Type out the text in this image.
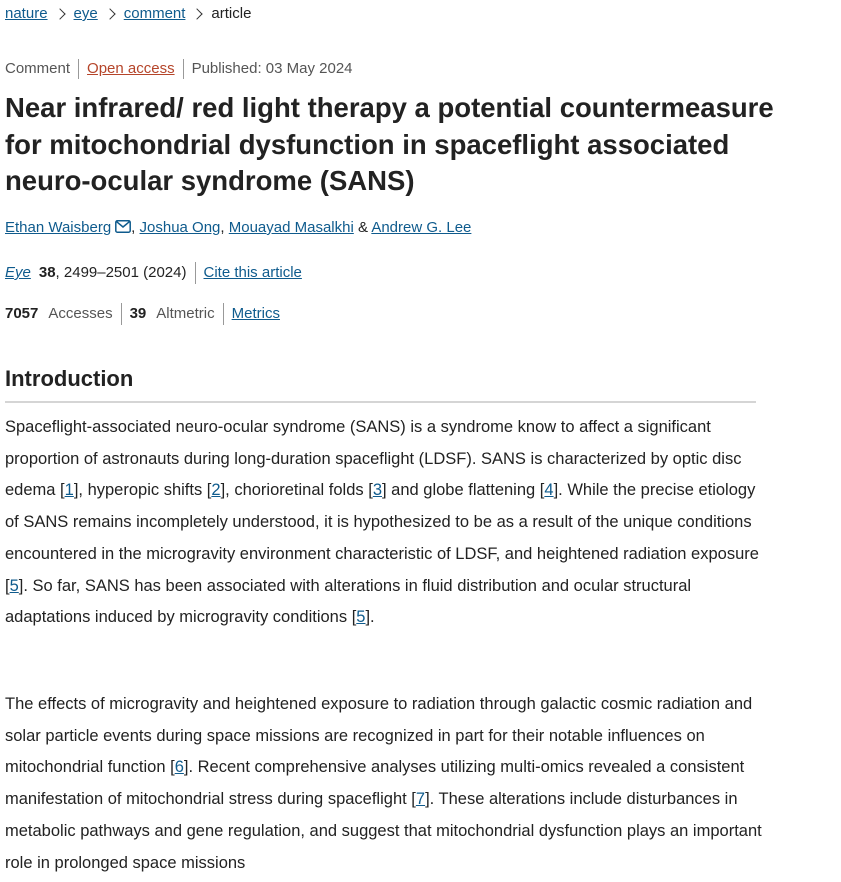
nature eye comment article
Comment Open access Published: 03 May 2024
Near infrared/ red light therapy a potential countermeasure for mitochondrial dysfunction in spaceflight associated neuro-ocular syndrome (SANS)
Ethan Waisberg , Joshua Ong, Mouayad Masalkhi & Andrew G. Lee
Eye 38 , 2499–2501 (2024) Cite this article
7057 Accesses 39 Altmetric Metrics
Introduction

Spaceflight-associated neuro-ocular syndrome (SANS) is a syndrome know to affect a significant proportion of astronauts during long-duration spaceflight (LDSF). SANS is characterized by optic disc edema [1], hyperopic shifts [2], chorioretinal folds [3] and globe flattening [4]. While the precise etiology of SANS remains incompletely understood, it is hypothesized to be as a result of the unique conditions encountered in the microgravity environment characteristic of LDSF, and heightened radiation exposure [5]. So far, SANS has been associated with alterations in fluid distribution and ocular structural adaptations induced by microgravity conditions [5].

The effects of microgravity and heightened exposure to radiation through galactic cosmic radiation and solar particle events during space missions are recognized in part for their notable influences on mitochondrial function [6]. Recent comprehensive analyses utilizing multi-omics revealed a consistent manifestation of mitochondrial stress during spaceflight [7]. These alterations include disturbances in metabolic pathways and gene regulation, and suggest that mitochondrial dysfunction plays an important role in prolonged space missions
